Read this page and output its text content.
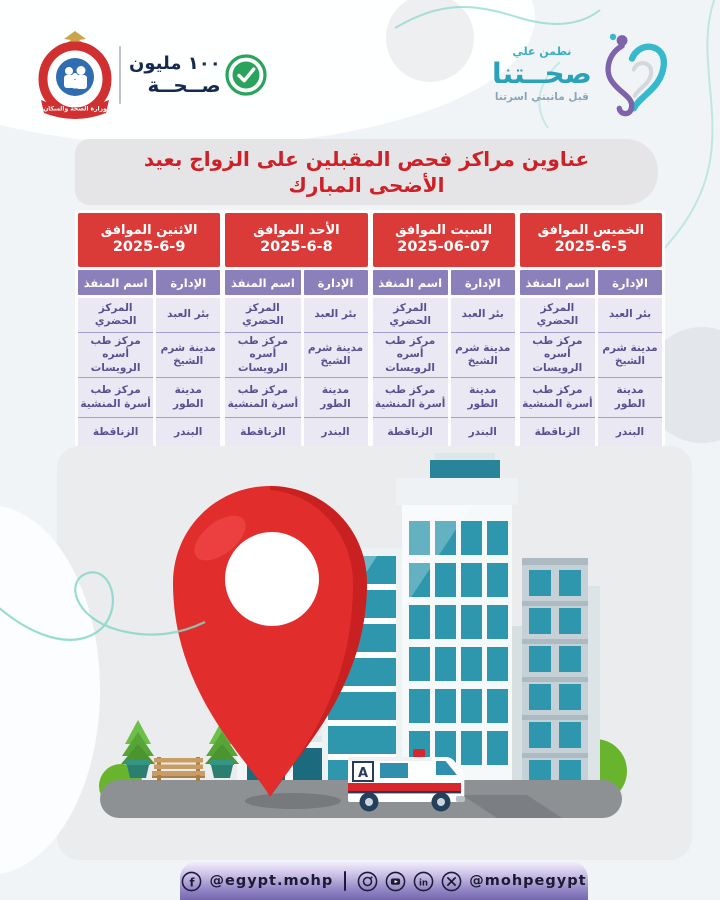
وزارة الصحة والسكان
١٠٠ مليون
صــحــة
نطمن علي
صحــتنا
قبل مانبني اسرتنا
عناوين مراكز فحص المقبلين على الزواج بعيد الأضحى المبارك
الخميس الموافق
2025-6-5
الإدارة
اسم المنفذ
بئر العبد
المركز الحضري
مدينة شرم الشيخ
مركز طب أسره الرويسات
مدينة الطور
مركز طب أسرة المنشية
البندر
الزناقطة
السبت الموافق
2025-06-07
الإدارة
اسم المنفذ
بئر العبد
المركز الحضري
مدينة شرم الشيخ
مركز طب أسره الرويسات
مدينة الطور
مركز طب أسرة المنشية
البندر
الزناقطة
الأحد الموافق
2025-6-8
الإدارة
اسم المنفذ
بئر العبد
المركز الحضري
مدينة شرم الشيخ
مركز طب أسره الرويسات
مدينة الطور
مركز طب أسرة المنشية
البندر
الزناقطة
الاثنين الموافق
2025-6-9
الإدارة
اسم المنفذ
بئر العبد
المركز الحضري
مدينة شرم الشيخ
مركز طب أسره الرويسات
مدينة الطور
مركز طب أسرة المنشية
البندر
الزناقطة
A
f @egypt.mohp	in	@mohpegypt
